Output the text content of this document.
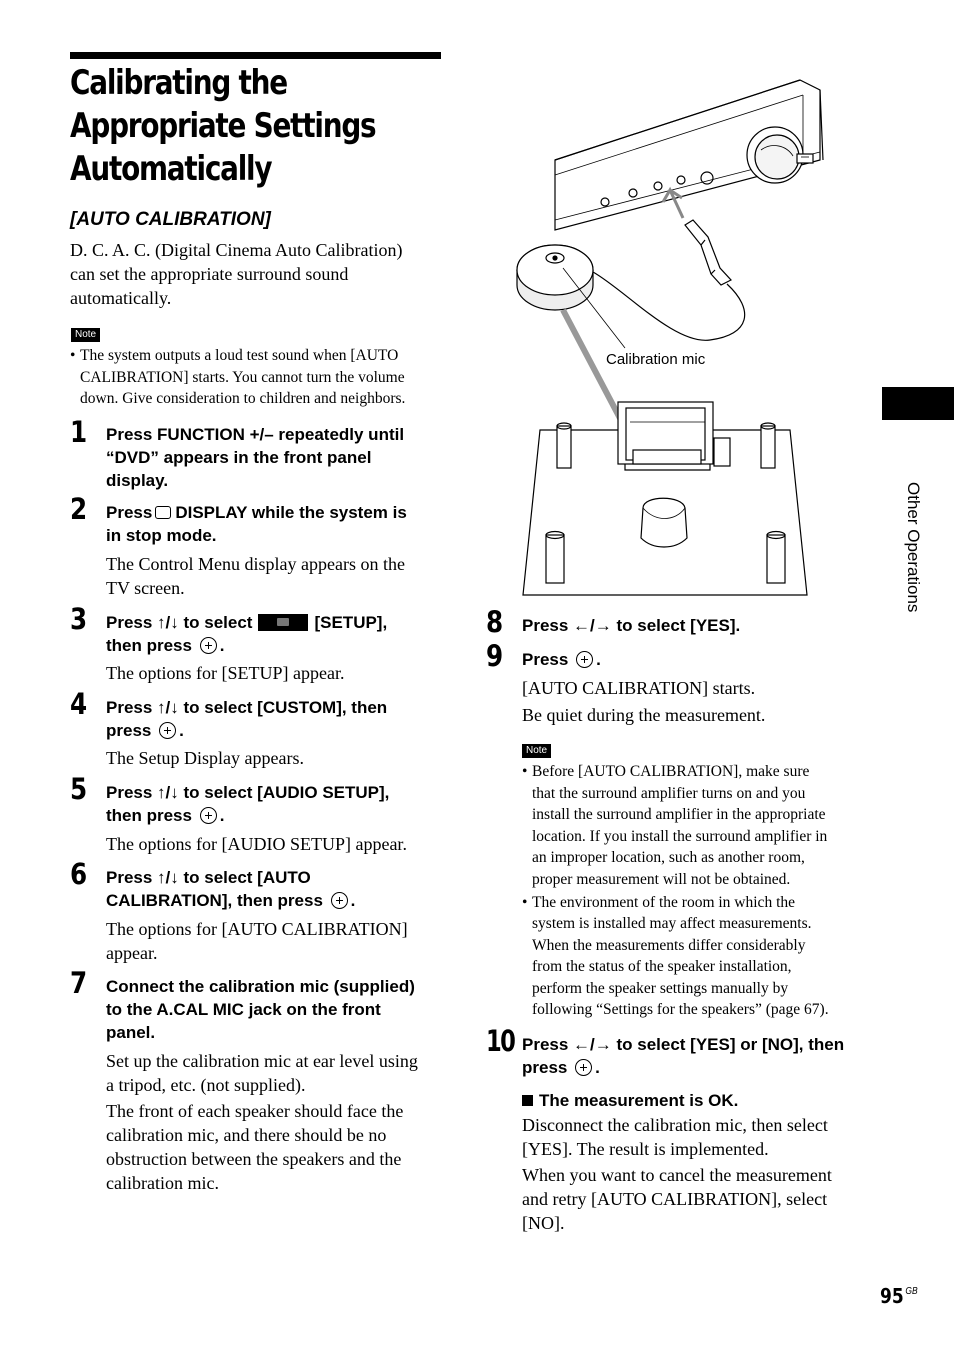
Calibrating the
Appropriate Settings
Automatically
[AUTO CALIBRATION]
D. C. A. C. (Digital Cinema Auto Calibration)
can set the appropriate surround sound
automatically.
Note
• The system outputs a loud test sound when [AUTO
CALIBRATION] starts. You cannot turn the volume
down. Give consideration to children and neighbors.
1 Press FUNCTION +/– repeatedly until
“DVD” appears in the front panel
display.
2 Press DISPLAY while the system is
in stop mode.
The Control Menu display appears on the
TV screen.
3 Press ↑/↓ to select	[SETUP],
then press .
The options for [SETUP] appear.
4 Press ↑/↓ to select [CUSTOM], then
press .
The Setup Display appears.
5 Press ↑/↓ to select [AUDIO SETUP],
then press .
The options for [AUDIO SETUP] appear.
6 Press ↑/↓ to select [AUTO
CALIBRATION], then press .
The options for [AUTO CALIBRATION]
appear.
7 Connect the calibration mic (supplied)
to the A.CAL MIC jack on the front
panel.
Set up the calibration mic at ear level using
a tripod, etc. (not supplied).
The front of each speaker should face the
calibration mic, and there should be no
obstruction between the speakers and the
calibration mic.
Calibration mic
8 Press ←/→ to select [YES].
9 Press .
[AUTO CALIBRATION] starts.
Be quiet during the measurement.
Note
• Before [AUTO CALIBRATION], make sure
that the surround amplifier turns on and you
install the surround amplifier in the appropriate
location. If you install the surround amplifier in
an improper location, such as another room,
proper measurement will not be obtained.
• The environment of the room in which the
system is installed may affect measurements.
When the measurements differ considerably
from the status of the speaker installation,
perform the speaker settings manually by
following “Settings for the speakers” (page 67).
10 Press ←/→ to select [YES] or [NO], then
press .
The measurement is OK.
Disconnect the calibration mic, then select
[YES]. The result is implemented.
When you want to cancel the measurement
and retry [AUTO CALIBRATION], select
[NO].
Other Operations
95 $^{GB}$
